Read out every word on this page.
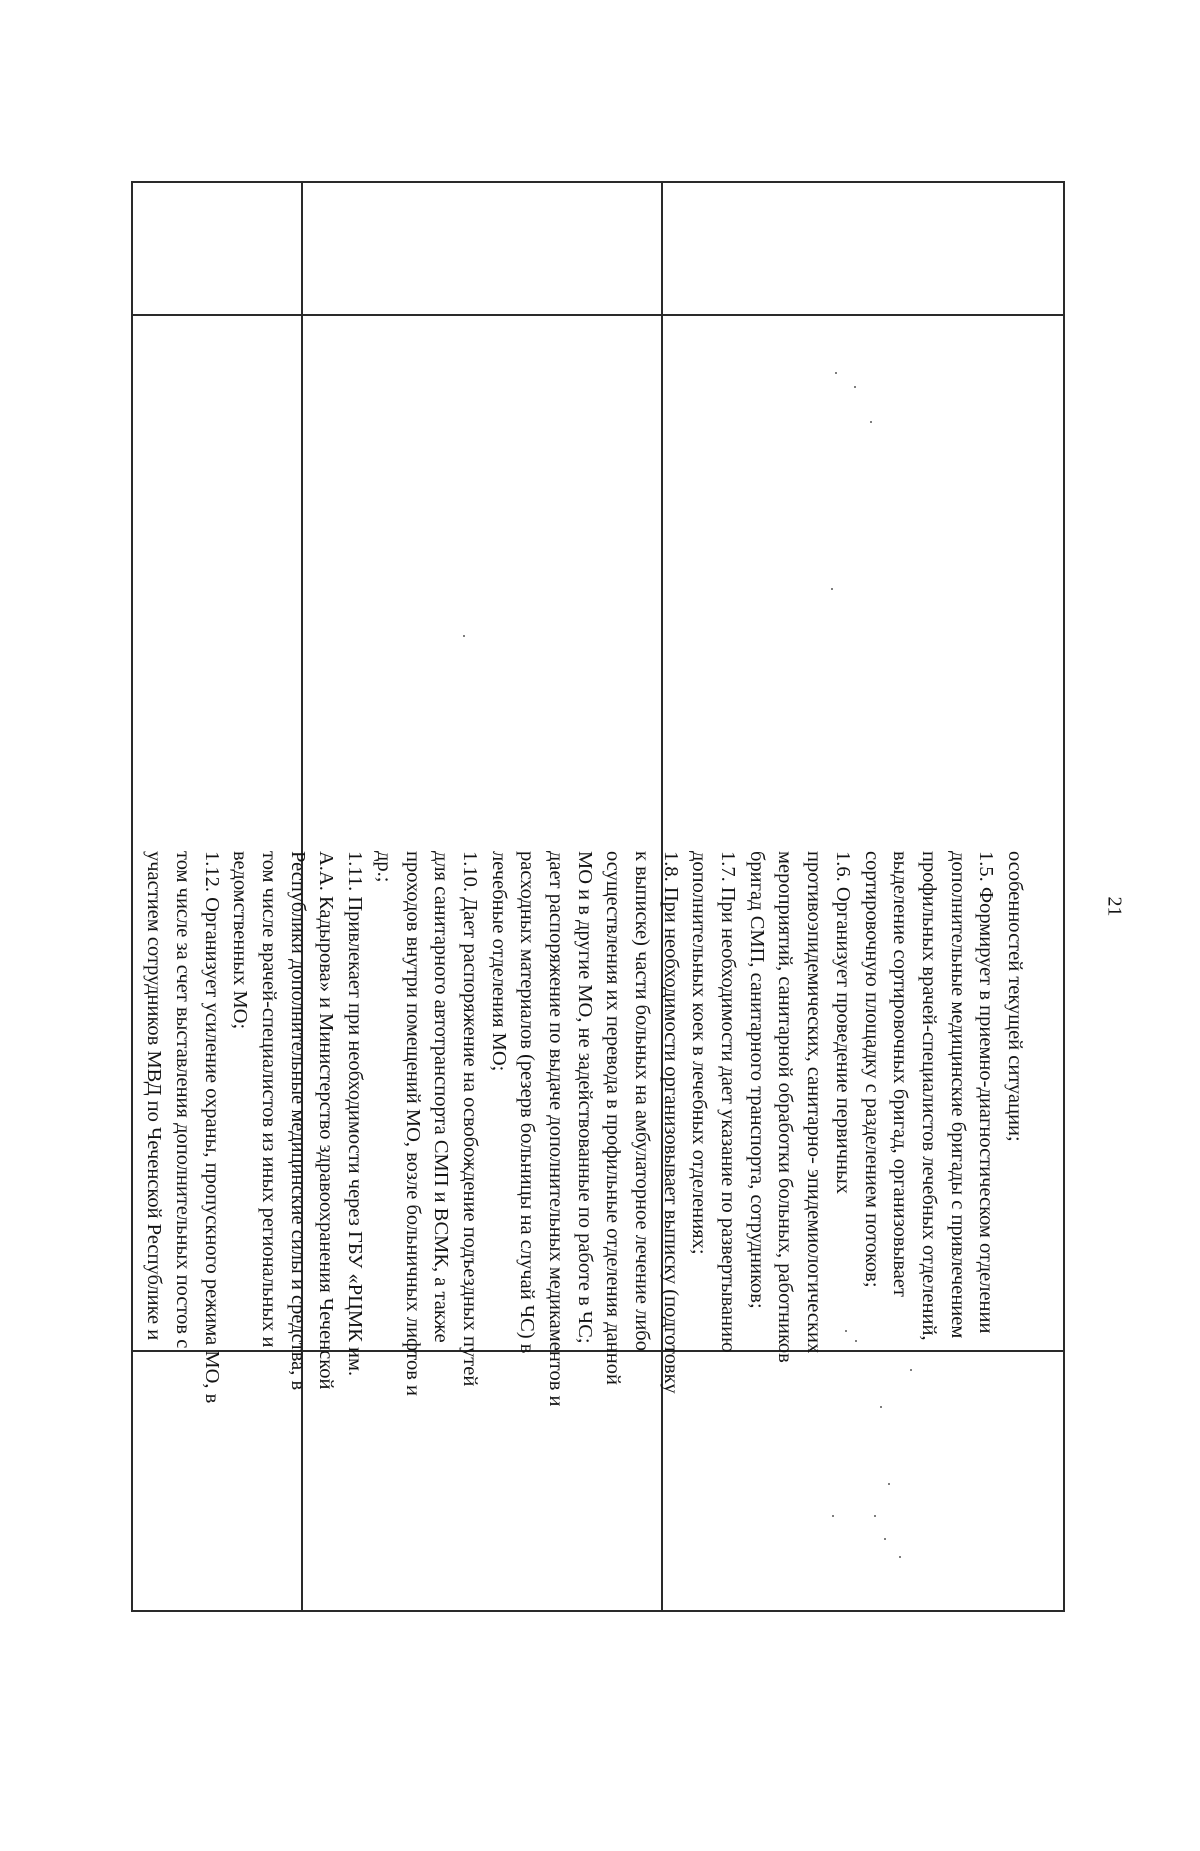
21
особенностей текущей ситуации;
1.5. Формирует в приемно-диагностическом отделении
дополнительные медицинские бригады с привлечением
профильных врачей-специалистов лечебных отделений,
выделение сортировочных бригад, организовывает
сортировочную площадку с разделением потоков;
1.6. Организует проведение первичных
противоэпидемических, санитарно- эпидемиологических
мероприятий, санитарной обработки больных, работников
бригад СМП, санитарного транспорта, сотрудников;
1.7. При необходимости дает указание по развертыванию
дополнительных коек в лечебных отделениях;
1.8. При необходимости организовывает выписку (подготовку
к выписке) части больных на амбулаторное лечение либо
осуществления их перевода в профильные отделения данной
МО и в другие МО, не задействованные по работе в ЧС;
дает распоряжение по выдаче дополнительных медикаментов и
расходных материалов (резерв больницы на случай ЧС) в
лечебные отделения МО;
1.10. Дает распоряжение на освобождение подъездных путей
для санитарного автотранспорта СМП и ВСМК, а также
проходов внутри помещений МО, возле больничных лифтов и
др.;
1.11. Привлекает при необходимости через ГБУ «РЦМК им.
А.А. Кадырова» и Министерство здравоохранения Чеченской
Республики дополнительные медицинские силы и средства, в
том числе врачей-специалистов из иных региональных и
ведомственных МО;
1.12. Организует усиление охраны, пропускного режима МО, в
том числе за счет выставления дополнительных постов с
участием сотрудников МВД по Чеченской Республике и
